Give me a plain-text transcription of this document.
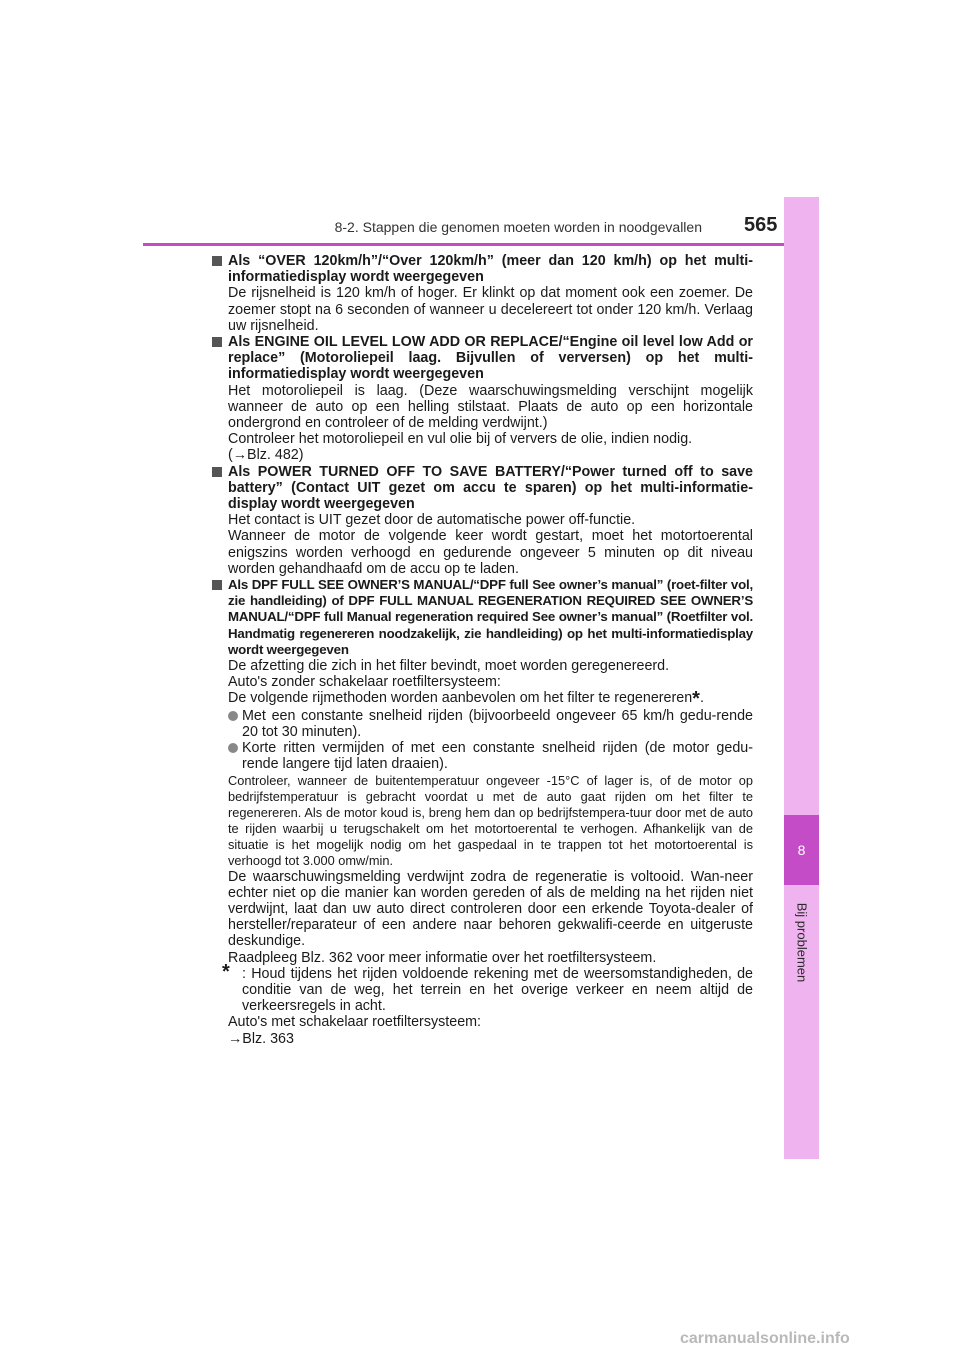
8
Bij problemen
8-2. Stappen die genomen moeten worden in noodgevallen 565
Als “OVER 120km/h”/“Over 120km/h” (meer dan 120 km/h) op het multi-informatiedisplay wordt weergegeven

De rijsnelheid is 120 km/h of hoger. Er klinkt op dat moment ook een zoemer. De zoemer stopt na 6 seconden of wanneer u decelereert tot onder 120 km/h. Verlaag uw rijsnelheid.

Als ENGINE OIL LEVEL LOW ADD OR REPLACE/“Engine oil level low Add or replace” (Motoroliepeil laag. Bijvullen of verversen) op het multi-informatiedisplay wordt weergegeven

Het motoroliepeil is laag. (Deze waarschuwingsmelding verschijnt mogelijk wanneer de auto op een helling stilstaat. Plaats de auto op een horizontale ondergrond en controleer of de melding verdwijnt.)

Controleer het motoroliepeil en vul olie bij of ververs de olie, indien nodig.

(→Blz. 482)

Als POWER TURNED OFF TO SAVE BATTERY/“Power turned off to save battery” (Contact UIT gezet om accu te sparen) op het multi-informatie-display wordt weergegeven

Het contact is UIT gezet door de automatische power off-functie.

Wanneer de motor de volgende keer wordt gestart, moet het motortoerental enigszins worden verhoogd en gedurende ongeveer 5 minuten op dit niveau worden gehandhaafd om de accu op te laden.

Als DPF FULL SEE OWNER’S MANUAL/“DPF full See owner’s manual” (roet-filter vol, zie handleiding) of DPF FULL MANUAL REGENERATION REQUIRED SEE OWNER’S MANUAL/“DPF full Manual regeneration required See owner’s manual” (Roetfilter vol. Handmatig regenereren noodzakelijk, zie handleiding) op het multi-informatiedisplay wordt weergegeven

De afzetting die zich in het filter bevindt, moet worden geregenereerd.

Auto's zonder schakelaar roetfiltersysteem:

De volgende rijmethoden worden aanbevolen om het filter te regenereren*.

Met een constante snelheid rijden (bijvoorbeeld ongeveer 65 km/h gedu-rende 20 tot 30 minuten).

Korte ritten vermijden of met een constante snelheid rijden (de motor gedu-rende langere tijd laten draaien).

Controleer, wanneer de buitentemperatuur ongeveer -15°C of lager is, of de motor op bedrijfstemperatuur is gebracht voordat u met de auto gaat rijden om het filter te regenereren. Als de motor koud is, breng hem dan op bedrijfstempera-tuur door met de auto te rijden waarbij u terugschakelt om het motortoerental te verhogen. Afhankelijk van de situatie is het mogelijk nodig om het gaspedaal in te trappen tot het motortoerental is verhoogd tot 3.000 omw/min.

De waarschuwingsmelding verdwijnt zodra de regeneratie is voltooid. Wan-neer echter niet op die manier kan worden gereden of als de melding na het rijden niet verdwijnt, laat dan uw auto direct controleren door een erkende Toyota-dealer of hersteller/reparateur of een andere naar behoren gekwalifi-ceerde en uitgeruste deskundige.

Raadpleeg Blz. 362 voor meer informatie over het roetfiltersysteem.

* : Houd tijdens het rijden voldoende rekening met de weersomstandigheden, de conditie van de weg, het terrein en het overige verkeer en neem altijd de verkeersregels in acht.

Auto's met schakelaar roetfiltersysteem:

→Blz. 363

carmanualsonline.info
